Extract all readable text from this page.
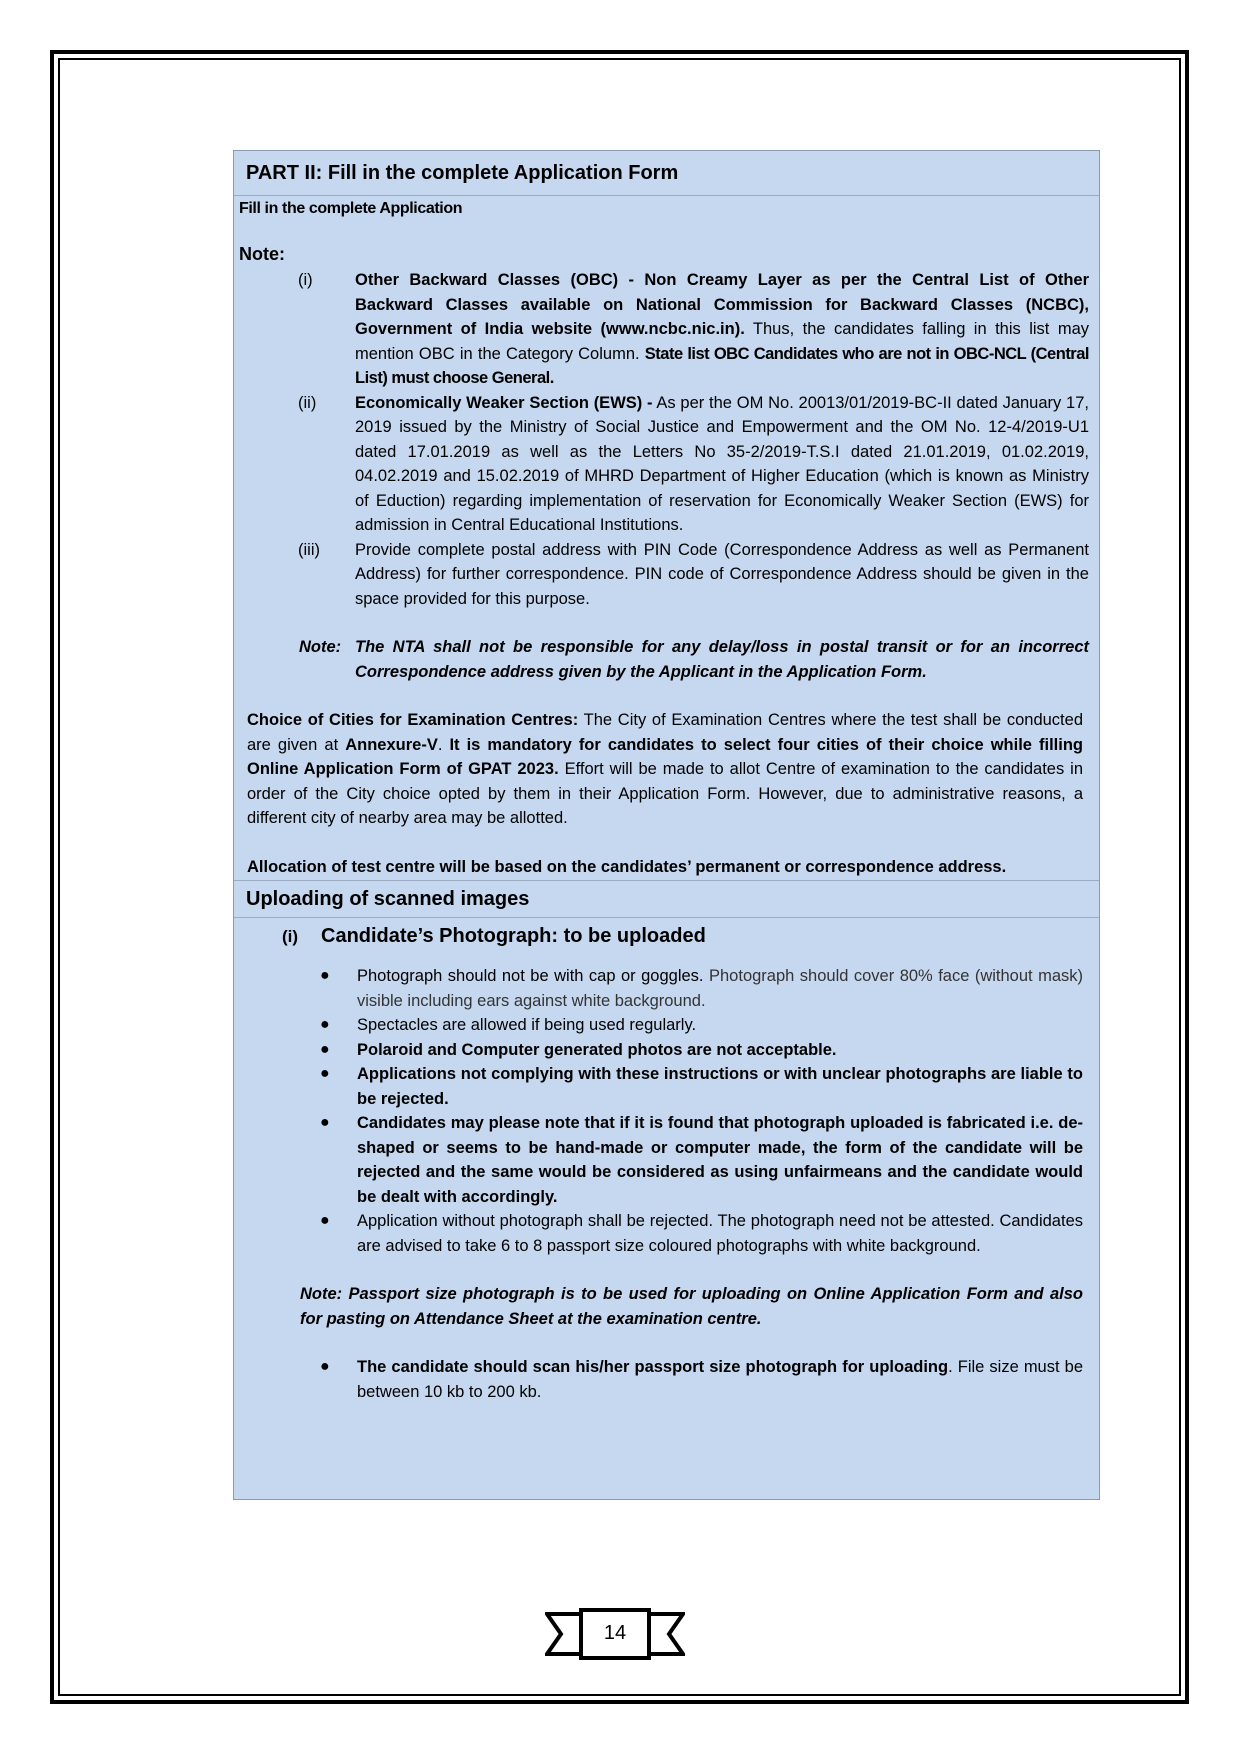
PART II: Fill in the complete Application Form
Fill in the complete Application
Note:
(i)	Other Backward Classes (OBC) - Non Creamy Layer as per the Central List of Other Backward Classes available on National Commission for Backward Classes (NCBC), Government of India website (www.ncbc.nic.in). Thus, the candidates falling in this list may mention OBC in the Category Column. State list OBC Candidates who are not in OBC-NCL (Central List) must choose General.
(ii) Economically Weaker Section (EWS) - As per the OM No. 20013/01/2019-BC-II dated January 17, 2019 issued by the Ministry of Social Justice and Empowerment and the OM No. 12-4/2019-U1 dated 17.01.2019 as well as the Letters No 35-2/2019-T.S.I dated 21.01.2019, 01.02.2019, 04.02.2019 and 15.02.2019 of MHRD Department of Higher Education (which is known as Ministry of Eduction) regarding implementation of reservation for Economically Weaker Section (EWS) for admission in Central Educational Institutions.
(iii) Provide complete postal address with PIN Code (Correspondence Address as well as Permanent Address) for further correspondence. PIN code of Correspondence Address should be given in the space provided for this purpose.
Note: The NTA shall not be responsible for any delay/loss in postal transit or for an incorrect Correspondence address given by the Applicant in the Application Form.
Choice of Cities for Examination Centres: The City of Examination Centres where the test shall be conducted are given at Annexure-V. It is mandatory for candidates to select four cities of their choice while filling Online Application Form of GPAT 2023. Effort will be made to allot Centre of examination to the candidates in order of the City choice opted by them in their Application Form. However, due to administrative reasons, a different city of nearby area may be allotted.
Allocation of test centre will be based on the candidates’ permanent or correspondence address.
Uploading of scanned images
(i) Candidate’s Photograph: to be uploaded
● Photograph should not be with cap or goggles. Photograph should cover 80% face (without mask) visible including ears against white background.
● Spectacles are allowed if being used regularly.
● Polaroid and Computer generated photos are not acceptable.
● Applications not complying with these instructions or with unclear photographs are liable to be rejected.
● Candidates may please note that if it is found that photograph uploaded is fabricated i.e. de- shaped or seems to be hand-made or computer made, the form of the candidate will be rejected and the same would be considered as using unfairmeans and the candidate would be dealt with accordingly.
● Application without photograph shall be rejected. The photograph need not be attested. Candidates are advised to take 6 to 8 passport size coloured photographs with white background.
Note: Passport size photograph is to be used for uploading on Online Application Form and also for pasting on Attendance Sheet at the examination centre.
● The candidate should scan his/her passport size photograph for uploading. File size must be between 10 kb to 200 kb.
14
